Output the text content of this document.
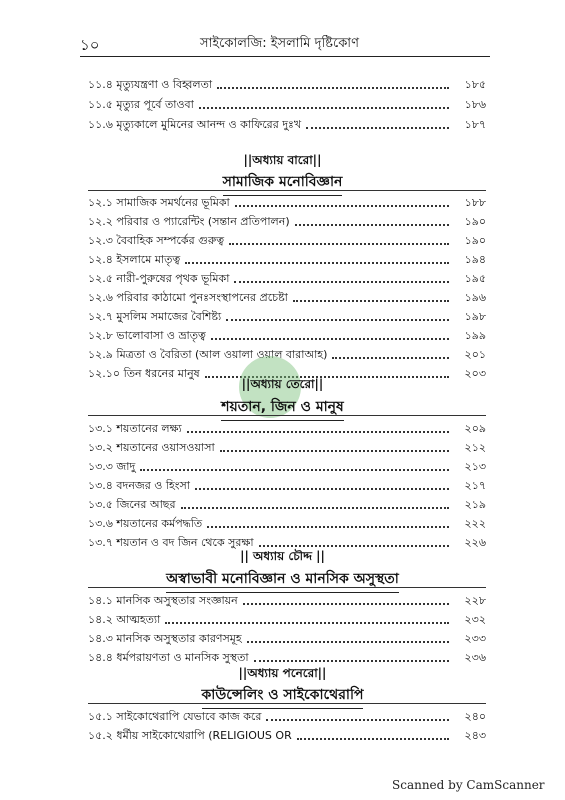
১০	সাইকোলজি: ইসলামি দৃষ্টিকোণ
১১.৪ মৃত্যুযন্ত্রণা ও বিহ্বলতা	১৮৫
১১.৫ মৃত্যুর পূর্বে তাওবা	১৮৬
১১.৬ মৃত্যুকালে মুমিনের আনন্দ ও কাফিরের দুঃখ	১৮৭
||অধ্যায় বারো||
সামাজিক মনোবিজ্ঞান
১২.১ সামাজিক সমর্থনের ভূমিকা	১৮৮
১২.২ পরিবার ও প্যারেন্টিং (সন্তান প্রতিপালন)	১৯০
১২.৩ বৈবাহিক সম্পর্কের গুরুত্ব	১৯০
১২.৪ ইসলামে মাতৃত্ব	১৯৪
১২.৫ নারী-পুরুষের পৃথক ভূমিকা	১৯৫
১২.৬ পরিবার কাঠামো পুনঃসংস্থাপনের প্রচেষ্টা	১৯৬
১২.৭ মুসলিম সমাজের বৈশিষ্ট্য	১৯৮
১২.৮ ভালোবাসা ও ভ্রাতৃত্ব	১৯৯
১২.৯ মিত্রতা ও বৈরিতা (আল ওয়ালা ওয়াল বারাআহ)	২০১
১২.১০ তিন ধরনের মানুষ	২০৩
||অধ্যায় তেরো||
শয়তান, জিন ও মানুষ
১৩.১ শয়তানের লক্ষ্য	২০৯
১৩.২ শয়তানের ওয়াসওয়াসা	২১২
১৩.৩ জাদু	২১৩
১৩.৪ বদনজর ও হিংসা	২১৭
১৩.৫ জিনের আছর	২১৯
১৩.৬ শয়তানের কর্মপদ্ধতি	২২২
১৩.৭ শয়তান ও বদ জিন থেকে সুরক্ষা	২২৬
|| অধ্যায় চৌদ্দ ||
অস্বাভাবী মনোবিজ্ঞান ও মানসিক অসুস্থতা
১৪.১ মানসিক অসুস্থতার সংজ্ঞায়ন	২২৮
১৪.২ আত্মহত্যা	২৩২
১৪.৩ মানসিক অসুস্থতার কারণসমূহ	২৩৩
১৪.৪ ধর্মপরায়ণতা ও মানসিক সুস্থতা	২৩৬
||অধ্যায় পনেরো||
কাউন্সেলিং ও সাইকোথেরাপি
১৫.১ সাইকোথেরাপি যেভাবে কাজ করে	২৪০
১৫.২ ধর্মীয় সাইকোথেরাপি (RELIGIOUS OR	২৪৩
Scanned by CamScanner
